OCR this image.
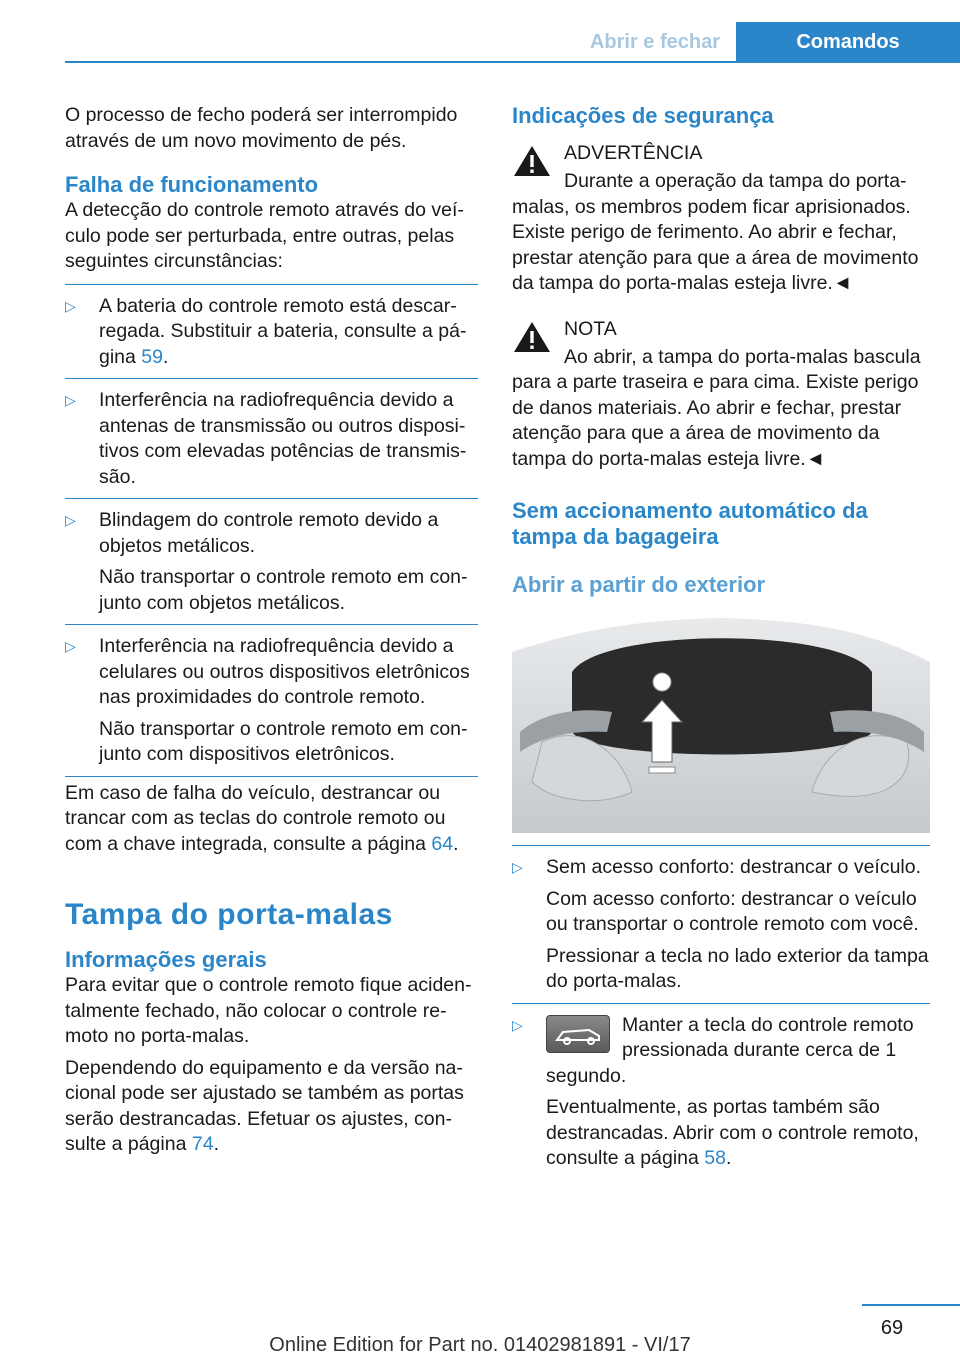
Abrir e fechar	Comandos

O processo de fecho poderá ser interrompido através de um novo movimento de pés.

Falha de funcionamento

A detecção do controle remoto através do veículo pode ser perturbada, entre outras, pelas seguintes circunstâncias:

▷	A bateria do controle remoto está descarregada. Substituir a bateria, consulte a página 59.
▷	Interferência na radiofrequência devido a antenas de transmissão ou outros dispositivos com elevadas potências de transmissão.
▷	Blindagem do controle remoto devido a objetos metálicos.

Não transportar o controle remoto em conjunto com objetos metálicos.

▷	Interferência na radiofrequência devido a celulares ou outros dispositivos eletrônicos nas proximidades do controle remoto.

Não transportar o controle remoto em conjunto com dispositivos eletrônicos.

Em caso de falha do veículo, destrancar ou trancar com as teclas do controle remoto ou com a chave integrada, consulte a página 64.

Tampa do porta-malas

Informações gerais

Para evitar que o controle remoto fique acidentalmente fechado, não colocar o controle remoto no porta-malas.

Dependendo do equipamento e da versão nacional pode ser ajustado se também as portas serão destrancadas. Efetuar os ajustes, consulte a página 74.

Indicações de segurança

ADVERTÊNCIA

Durante a operação da tampa do porta-malas, os membros podem ficar aprisionados. Existe perigo de ferimento. Ao abrir e fechar, prestar atenção para que a área de movimento da tampa do porta-malas esteja livre.◄

NOTA

Ao abrir, a tampa do porta-malas bascula para a parte traseira e para cima. Existe perigo de danos materiais. Ao abrir e fechar, prestar atenção para que a área de movimento da tampa do porta-malas esteja livre.◄

Sem accionamento automático da tampa da bagageira

Abrir a partir do exterior

▷	Sem acesso conforto: destrancar o veículo.

Com acesso conforto: destrancar o veículo ou transportar o controle remoto com você.

Pressionar a tecla no lado exterior da tampa do porta-malas.

▷	Manter a tecla do controle remoto pressionada durante cerca de 1 segundo.

Eventualmente, as portas também são destrancadas. Abrir com o controle remoto, consulte a página 58.

69
Online Edition for Part no. 01402981891 - VI/17
